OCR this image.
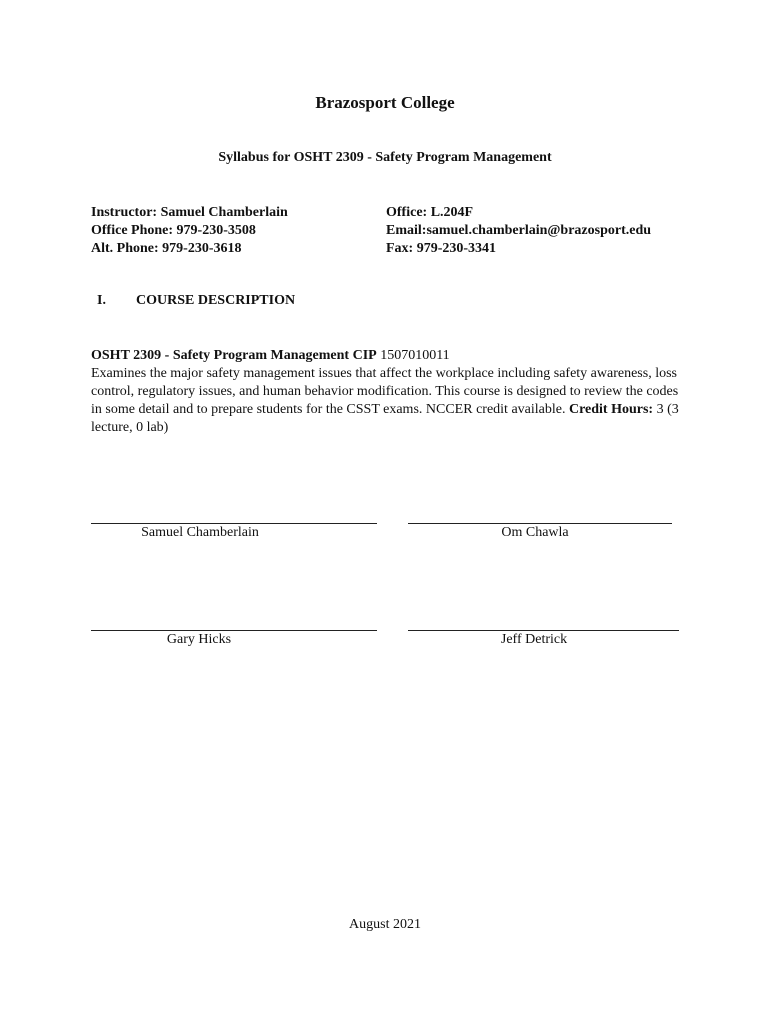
Brazosport College
Syllabus for OSHT 2309 - Safety Program Management
Instructor: Samuel Chamberlain
Office Phone: 979-230-3508
Alt. Phone: 979-230-3618
Office: L.204F
Email:samuel.chamberlain@brazosport.edu
Fax: 979-230-3341
I. COURSE DESCRIPTION
OSHT 2309 - Safety Program Management CIP 1507010011
Examines the major safety management issues that affect the workplace including safety awareness, loss control, regulatory issues, and human behavior modification. This course is designed to review the codes in some detail and to prepare students for the CSST exams. NCCER credit available. Credit Hours: 3 (3 lecture, 0 lab)
Samuel Chamberlain	Om Chawla
Gary Hicks	Jeff Detrick
August 2021
